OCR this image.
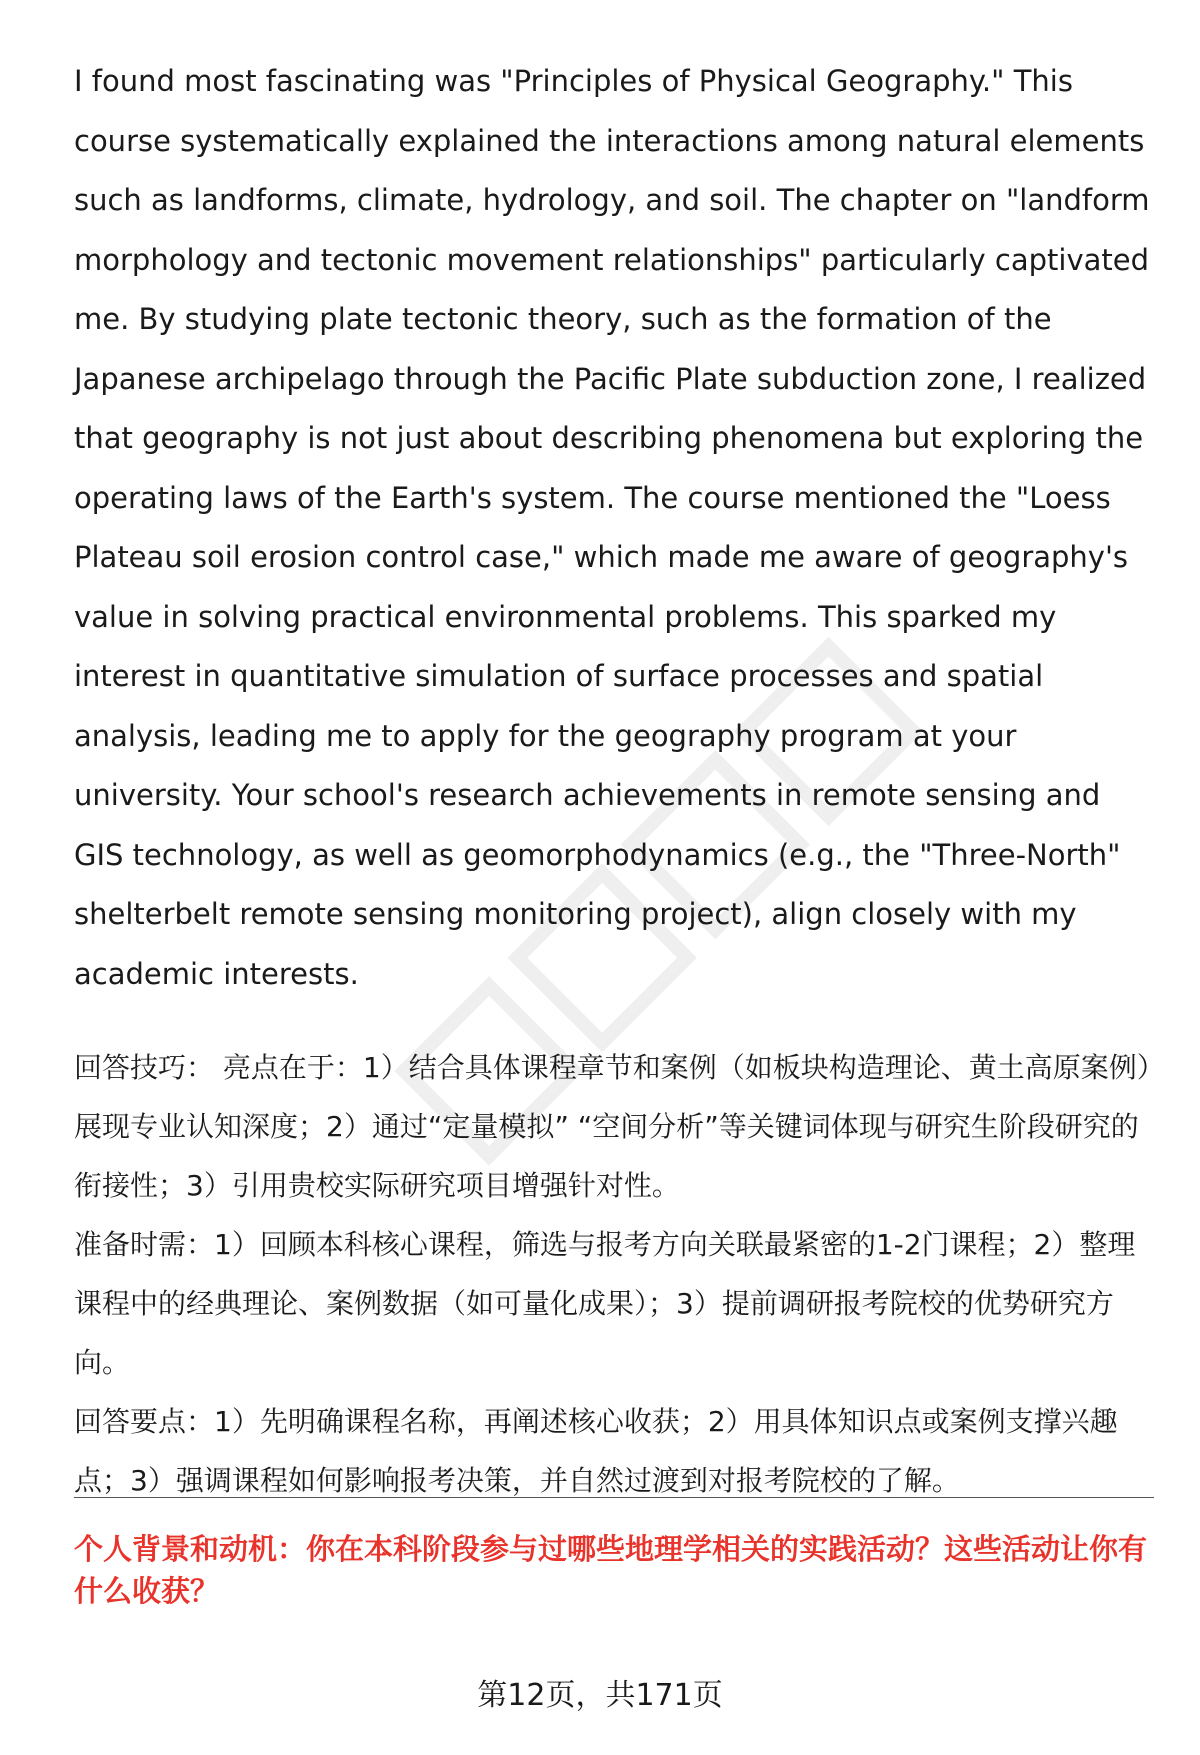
I found most fascinating was "Principles of Physical Geography." This course systematically explained the interactions among natural elements such as landforms, climate, hydrology, and soil. The chapter on "landform morphology and tectonic movement relationships" particularly captivated me. By studying plate tectonic theory, such as the formation of the Japanese archipelago through the Pacific Plate subduction zone, I realized that geography is not just about describing phenomena but exploring the operating laws of the Earth's system. The course mentioned the "Loess Plateau soil erosion control case," which made me aware of geography's value in solving practical environmental problems. This sparked my interest in quantitative simulation of surface processes and spatial analysis, leading me to apply for the geography program at your university. Your school's research achievements in remote sensing and GIS technology, as well as geomorphodynamics (e.g., the "Three-North" shelterbelt remote sensing monitoring project), align closely with my academic interests.

回答技巧： 亮点在于：1）结合具体课程章节和案例（如板块构造理论、黄土高原案例）展现专业认知深度；2）通过“定量模拟” “空间分析”等关键词体现与研究生阶段研究的衔接性；3）引用贵校实际研究项目增强针对性。

准备时需：1）回顾本科核心课程，筛选与报考方向关联最紧密的1-2门课程；2）整理课程中的经典理论、案例数据（如可量化成果）；3）提前调研报考院校的优势研究方向。

回答要点：1）先明确课程名称，再阐述核心收获；2）用具体知识点或案例支撑兴趣点；3）强调课程如何影响报考决策，并自然过渡到对报考院校的了解。

个人背景和动机：你在本科阶段参与过哪些地理学相关的实践活动？这些活动让你有什么收获？

第12页，共171页
